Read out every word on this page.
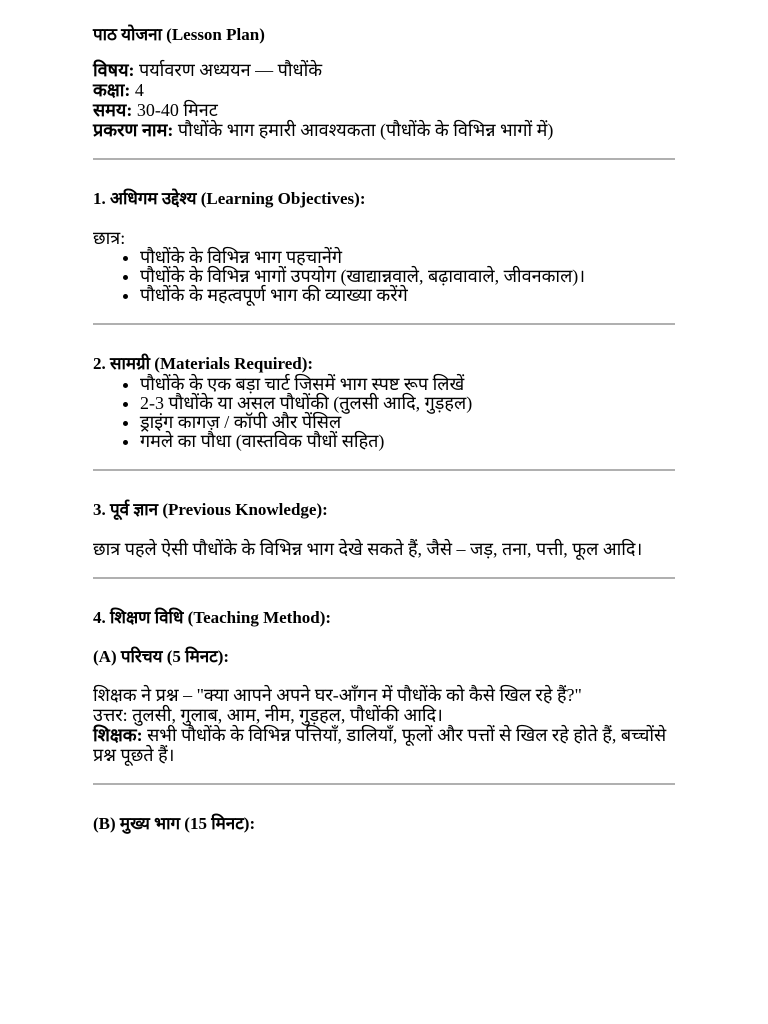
पाठ योजना (Lesson Plan)
विषय: पर्यावरण अध्ययन — पौधोंके
कक्षा: 4
समय: 30-40 मिनट
प्रकरण नाम: पौधोंके भाग हमारी आवश्यकता (पौधोंके के विभिन्न भागों में)
1. अधिगम उद्देश्य (Learning Objectives):

छात्र:

• पौधोंके के विभिन्न भाग पहचानेंगे
• पौधोंके के विभिन्न भागों उपयोग (खाद्यान्नवाले, बढ़ावावाले, जीवनकाल)।
• पौधोंके के महत्वपूर्ण भाग की व्याख्या करेंगे
2. सामग्री (Materials Required):
• पौधोंके के एक बड़ा चार्ट जिसमें भाग स्पष्ट रूप लिखें
• 2-3 पौधोंके या असल पौधोंकी (तुलसी आदि, गुड़हल)
• ड्राइंग कागज़ / कॉपी और पेंसिल
• गमले का पौधा (वास्तविक पौधों सहित)
3. पूर्व ज्ञान (Previous Knowledge):

छात्र पहले ऐसी पौधोंके के विभिन्न भाग देखे सकते हैं, जैसे – जड़, तना, पत्ती, फूल आदि।

4. शिक्षण विधि (Teaching Method):
(A) परिचय (5 मिनट):
शिक्षक ने प्रश्न – "क्या आपने अपने घर-आँगन में पौधोंके को कैसे खिल रहे हैं?"
उत्तर: तुलसी, गुलाब, आम, नीम, गुड़हल, पौधोंकी आदि।
शिक्षक: सभी पौधोंके के विभिन्न पत्तियाँ, डालियाँ, फूलों और पत्तों से खिल रहे होते हैं, बच्चोंसे प्रश्न पूछते हैं।
(B) मुख्य भाग (15 मिनट):
